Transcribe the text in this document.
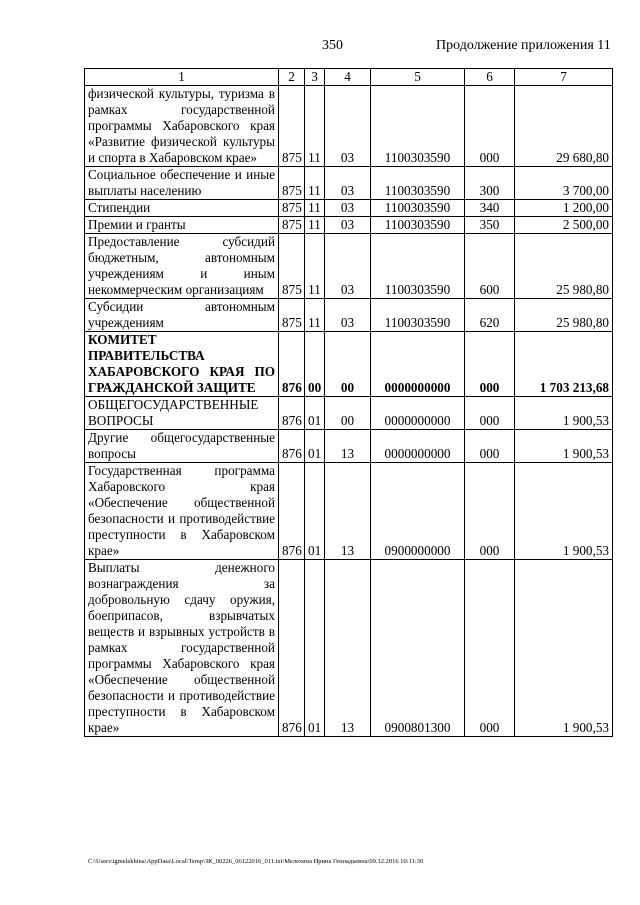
350	Продолжение приложения 11
1	2	3	4	5	6	7
физической культуры, туризма в рамках государственной программы Хабаровского края «Развитие физической культуры и спорта в Хабаровском крае»	875	11	03	1100303590	000	29 680,80
Социальное обеспечение и иные выплаты населению	875	11	03	1100303590	300	3 700,00
Стипендии	875	11	03	1100303590	340	1 200,00
Премии и гранты	875	11	03	1100303590	350	2 500,00
Предоставление субсидий бюджетным, автономным учреждениям и иным некоммерческим организациям	875	11	03	1100303590	600	25 980,80
Субсидии автономным учреждениям	875	11	03	1100303590	620	25 980,80
КОМИТЕТ ПРАВИТЕЛЬСТВА ХАБАРОВСКОГО КРАЯ ПО ГРАЖДАНСКОЙ ЗАЩИТЕ	876	00	00	0000000000	000	1 703 213,68
ОБЩЕГОСУДАРСТВЕННЫЕ ВОПРОСЫ	876	01	00	0000000000	000	1 900,53
Другие общегосударственные вопросы	876	01	13	0000000000	000	1 900,53
Государственная программа Хабаровского края «Обеспечение общественной безопасности и противодействие преступности в Хабаровском крае»	876	01	13	0900000000	000	1 900,53
Выплаты денежного вознаграждения за добровольную сдачу оружия, боеприпасов, взрывчатых веществ и взрывных устройств в рамках государственной программы Хабаровского края «Обеспечение общественной безопасности и противодействие преступности в Хабаровском крае»	876	01	13	0900801300	000	1 900,53
C:\Users\igmelekhina\AppData\Local\Temp\ЗК_00226_06122016_011.txt\Мелехина Ирина Геннадьевна\09.12.2016 10:11:30
